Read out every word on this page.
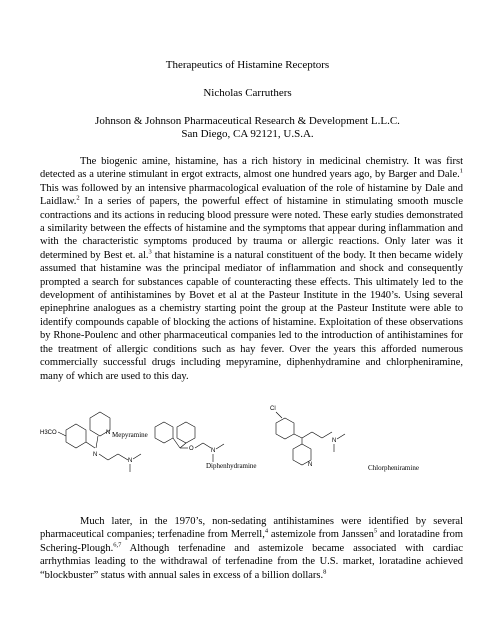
Therapeutics of Histamine Receptors
Nicholas Carruthers
Johnson & Johnson Pharmaceutical Research & Development L.L.C.
San Diego, CA 92121, U.S.A.
The biogenic amine, histamine, has a rich history in medicinal chemistry. It was first detected as a uterine stimulant in ergot extracts, almost one hundred years ago, by Barger and Dale.$^1$ This was followed by an intensive pharmacological evaluation of the role of histamine by Dale and Laidlaw.$^2$ In a series of papers, the powerful effect of histamine in stimulating smooth muscle contractions and its actions in reducing blood pressure were noted. These early studies demonstrated a similarity between the effects of histamine and the symptoms that appear during inflammation and with the characteristic symptoms produced by trauma or allergic reactions. Only later was it determined by Best et. al.$^3$ that histamine is a natural constituent of the body. It then became widely assumed that histamine was the principal mediator of inflammation and shock and consequently prompted a search for substances capable of counteracting these effects. This ultimately led to the development of antihistamines by Bovet et al at the Pasteur Institute in the 1940’s. Using several epinephrine analogues as a chemistry starting point the group at the Pasteur Institute were able to identify compounds capable of blocking the actions of histamine. Exploitation of these observations by Rhone-Poulenc and other pharmaceutical companies led to the introduction of antihistamines for the treatment of allergic conditions such as hay fever. Over the years this afforded numerous commercially successful drugs including mepyramine, diphenhydramine and chlorpheniramine, many of which are used to this day.
H3CO
N
N
N
Mepyramine
O	N
Diphenhydramine
Cl
N
N
Chlorpheniramine
Much later, in the 1970’s, non-sedating antihistamines were identified by several pharmaceutical companies; terfenadine from Merrell,$^4$ astemizole from Janssen$^5$ and loratadine from Schering-Plough.$^{6,7}$ Although terfenadine and astemizole became associated with cardiac arrhythmias leading to the withdrawal of terfenadine from the U.S. market, loratadine achieved “blockbuster” status with annual sales in excess of a billion dollars.$^8$
